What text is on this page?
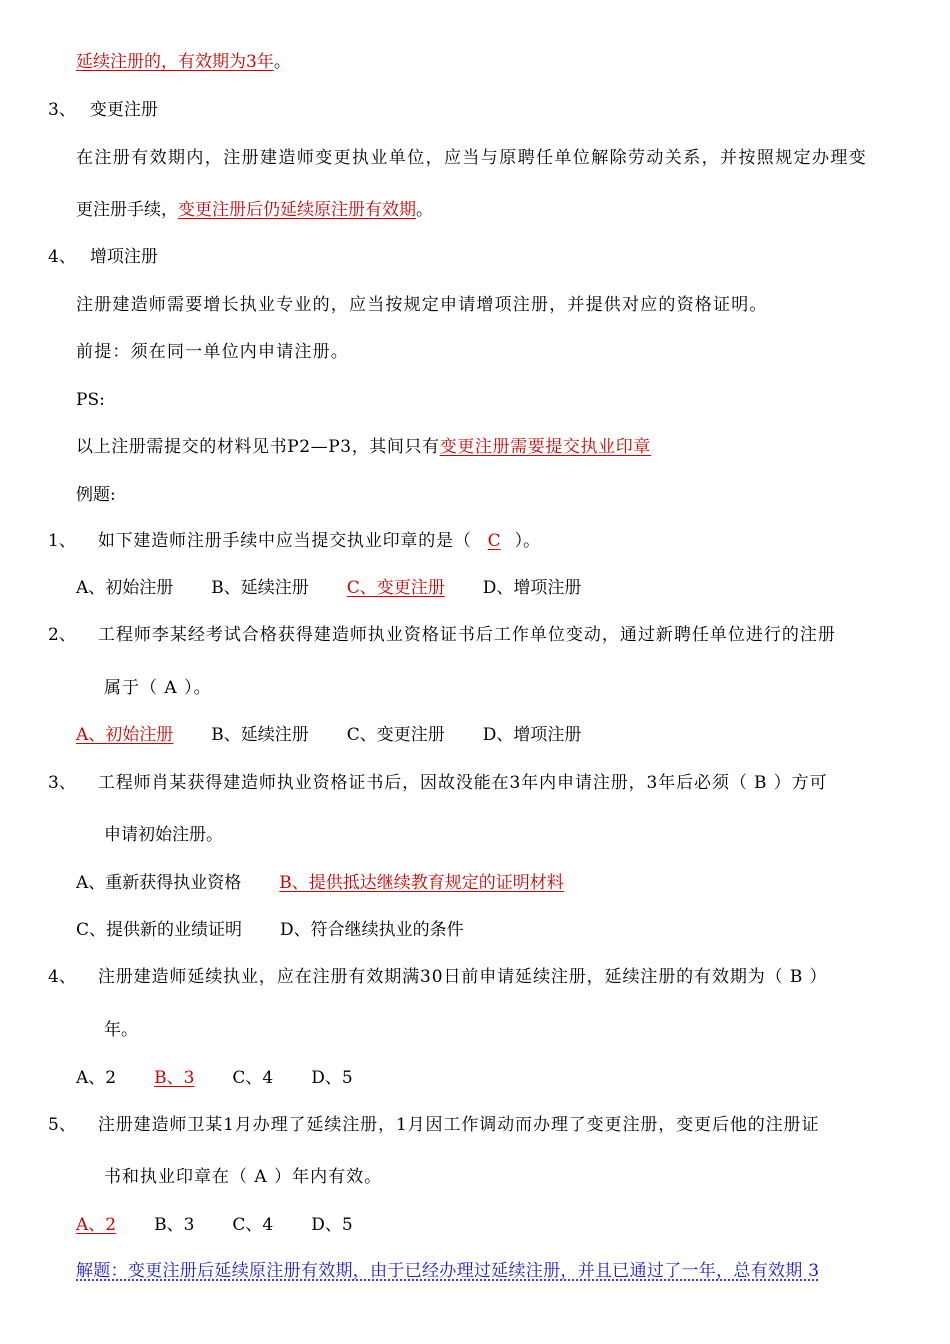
延续注册的，有效期为3年。
3、 变更注册
在注册有效期内，注册建造师变更执业单位，应当与原聘任单位解除劳动关系，并按照规定办理变
更注册手续，变更注册后仍延续原注册有效期。
4、 增项注册
注册建造师需要增长执业专业的，应当按规定申请增项注册，并提供对应的资格证明。
前提：须在同一单位内申请注册。
PS:
以上注册需提交的材料见书P2—P3，其间只有变更注册需要提交执业印章
例题:
1、 如下建造师注册手续中应当提交执业印章的是（ C ）。
A、初始注册 B、延续注册 C、变更注册 D、增项注册
2、 工程师李某经考试合格获得建造师执业资格证书后工作单位变动，通过新聘任单位进行的注册
属于（ A ）。
A、初始注册 B、延续注册 C、变更注册 D、增项注册
3、 工程师肖某获得建造师执业资格证书后，因故没能在3年内申请注册，3年后必须（ B ）方可
申请初始注册。
A、重新获得执业资格 B、提供抵达继续教育规定的证明材料
C、提供新的业绩证明 D、符合继续执业的条件
4、 注册建造师延续执业，应在注册有效期满30日前申请延续注册，延续注册的有效期为（ B ）
年。
A、2 B、3 C、4 D、5
5、 注册建造师卫某1月办理了延续注册，1月因工作调动而办理了变更注册，变更后他的注册证
书和执业印章在（ A ）年内有效。
A、2 B、3 C、4 D、5
解题：变更注册后延续原注册有效期，由于已经办理过延续注册，并且已通过了一年，总有效期 3
